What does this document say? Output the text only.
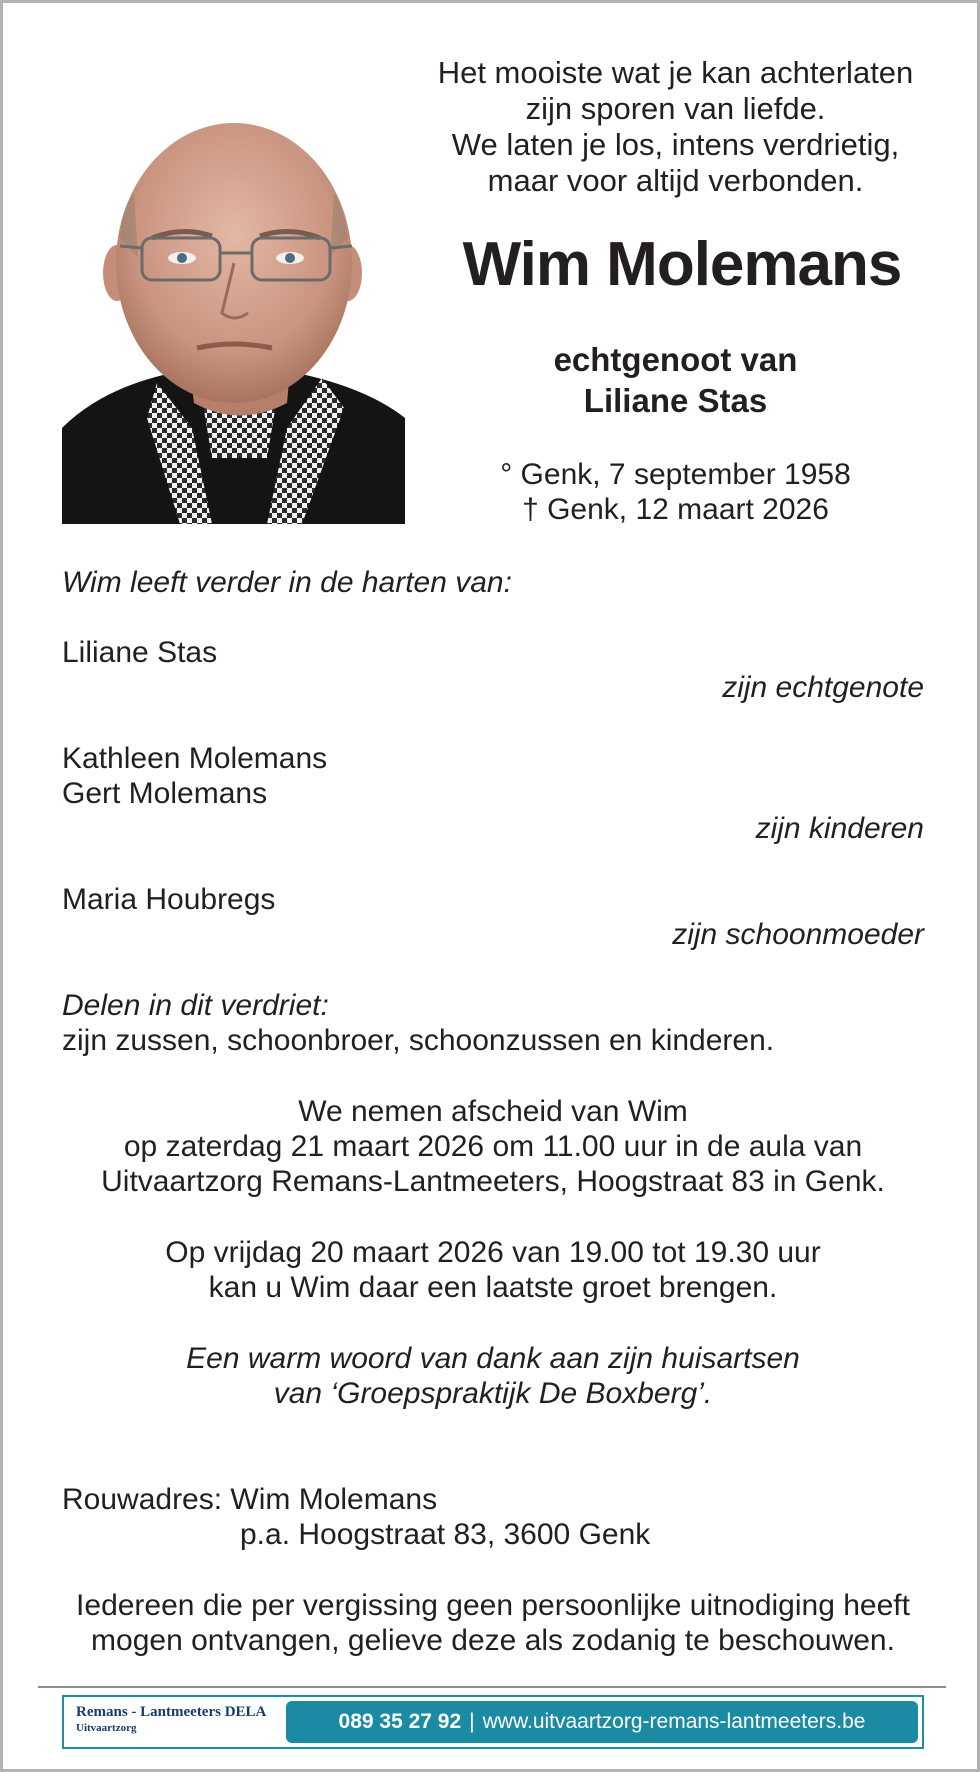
Het mooiste wat je kan achterlaten
zijn sporen van liefde.
We laten je los, intens verdrietig,
maar voor altijd verbonden.
Wim Molemans
echtgenoot van
Liliane Stas
° Genk, 7 september 1958
† Genk, 12 maart 2026
Wim leeft verder in de harten van:
Liliane Stas
zijn echtgenote
Kathleen Molemans
Gert Molemans
zijn kinderen
Maria Houbregs
zijn schoonmoeder
Delen in dit verdriet:
zijn zussen, schoonbroer, schoonzussen en kinderen.
We nemen afscheid van Wim
op zaterdag 21 maart 2026 om 11.00 uur in de aula van
Uitvaartzorg Remans-Lantmeeters, Hoogstraat 83 in Genk.
Op vrijdag 20 maart 2026 van 19.00 tot 19.30 uur
kan u Wim daar een laatste groet brengen.
Een warm woord van dank aan zijn huisartsen
van ‘Groepspraktijk De Boxberg’.
Rouwadres: Wim Molemans
p.a. Hoogstraat 83, 3600 Genk
Iedereen die per vergissing geen persoonlijke uitnodiging heeft
mogen ontvangen, gelieve deze als zodanig te beschouwen.
Remans - Lantmeeters DELA
Uitvaartzorg	089 35 27 92 | www.uitvaartzorg-remans-lantmeeters.be
